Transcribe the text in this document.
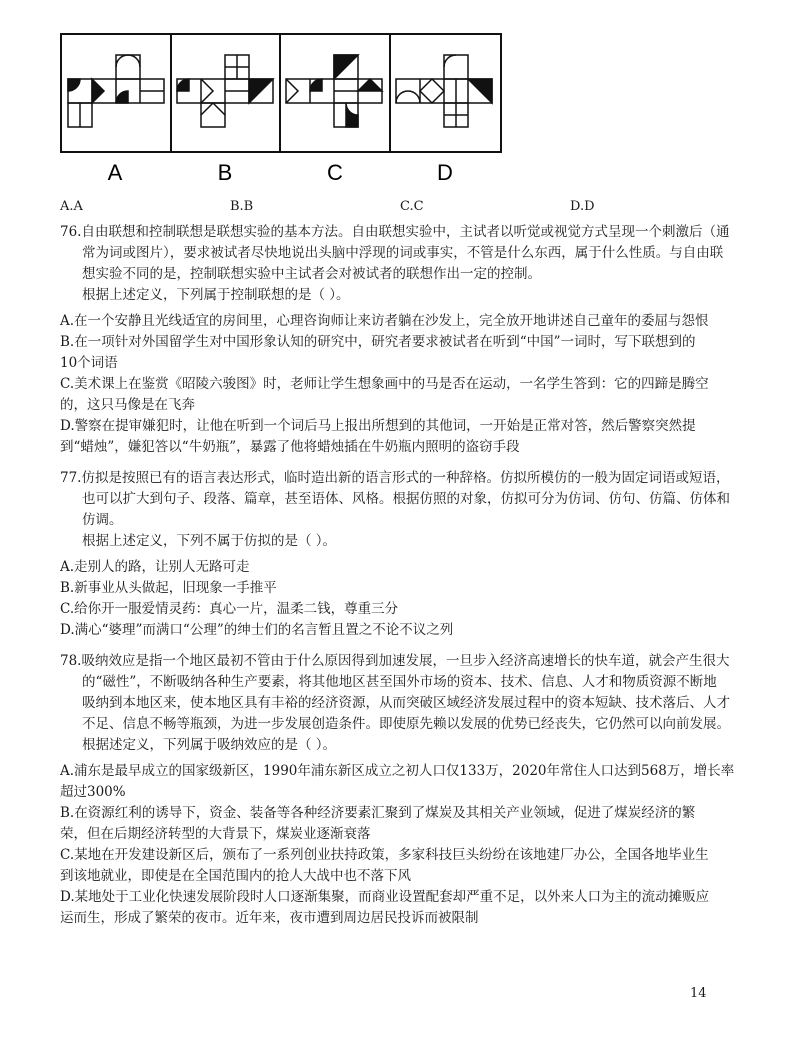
A	B	C	D
A.A	B.B	C.C	D.D
76.自由联想和控制联想是联想实验的基本方法。自由联想实验中，主试者以听觉或视觉方式呈现一个刺激后（通
常为词或图片），要求被试者尽快地说出头脑中浮现的词或事实，不管是什么东西，属于什么性质。与自由联
想实验不同的是，控制联想实验中主试者会对被试者的联想作出一定的控制。
根据上述定义，下列属于控制联想的是（ ）。
A.在一个安静且光线适宜的房间里，心理咨询师让来访者躺在沙发上，完全放开地讲述自己童年的委屈与怨恨
B.在一项针对外国留学生对中国形象认知的研究中，研究者要求被试者在听到“中国”一词时，写下联想到的
10个词语
C.美术课上在鉴赏《昭陵六骏图》时，老师让学生想象画中的马是否在运动，一名学生答到：它的四蹄是腾空
的，这只马像是在飞奔
D.警察在提审嫌犯时，让他在听到一个词后马上报出所想到的其他词，一开始是正常对答，然后警察突然提
到“蜡烛”，嫌犯答以“牛奶瓶”，暴露了他将蜡烛插在牛奶瓶内照明的盗窃手段
77.仿拟是按照已有的语言表达形式，临时造出新的语言形式的一种辞格。仿拟所模仿的一般为固定词语或短语，
也可以扩大到句子、段落、篇章，甚至语体、风格。根据仿照的对象，仿拟可分为仿词、仿句、仿篇、仿体和
仿调。
根据上述定义，下列不属于仿拟的是（ ）。
A.走别人的路，让别人无路可走
B.新事业从头做起，旧现象一手推平
C.给你开一服爱情灵药：真心一片，温柔二钱，尊重三分
D.满心“婆理”而满口“公理”的绅士们的名言暂且置之不论不议之列
78.吸纳效应是指一个地区最初不管由于什么原因得到加速发展，一旦步入经济高速增长的快车道，就会产生很大
的“磁性”，不断吸纳各种生产要素，将其他地区甚至国外市场的资本、技术、信息、人才和物质资源不断地
吸纳到本地区来，使本地区具有丰裕的经济资源，从而突破区域经济发展过程中的资本短缺、技术落后、人才
不足、信息不畅等瓶颈，为进一步发展创造条件。即使原先赖以发展的优势已经丧失，它仍然可以向前发展。
根据述定义，下列属于吸纳效应的是（ ）。
A.浦东是最早成立的国家级新区，1990年浦东新区成立之初人口仅133万，2020年常住人口达到568万，增长率
超过300%
B.在资源红利的诱导下，资金、装备等各种经济要素汇聚到了煤炭及其相关产业领域，促进了煤炭经济的繁
荣，但在后期经济转型的大背景下，煤炭业逐渐衰落
C.某地在开发建设新区后，颁布了一系列创业扶持政策，多家科技巨头纷纷在该地建厂办公，全国各地毕业生
到该地就业，即使是在全国范围内的抢人大战中也不落下风
D.某地处于工业化快速发展阶段时人口逐渐集聚，而商业设置配套却严重不足，以外来人口为主的流动摊贩应
运而生，形成了繁荣的夜市。近年来，夜市遭到周边居民投诉而被限制
14
